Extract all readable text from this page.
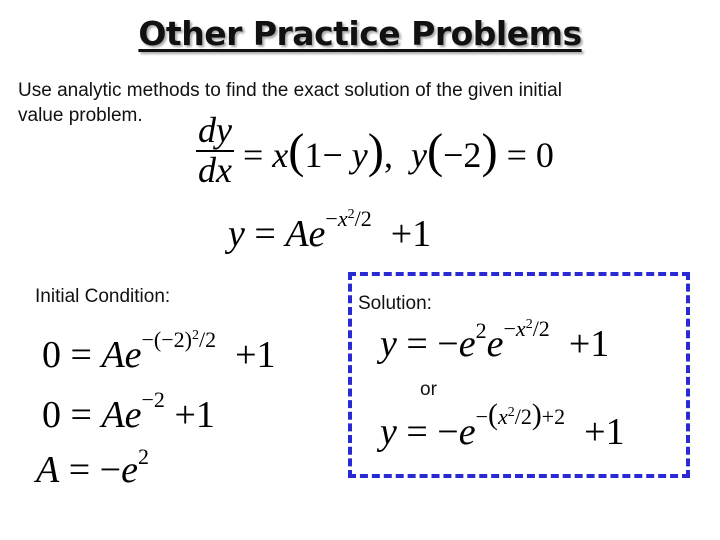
Other Practice Problems
Use analytic methods to find the exact solution of the given initial
value problem.	$\frac{dy}{dx} = x(1- y)$,  y(−2) = 0
$y = Ae^{-x^2/2} +1$
Initial Condition:
$0 = Ae^{-(-2)^2/2} +1$
$0 = Ae^{-2} +1$
$A = -e^2$
Solution:
$y = -e^2e^{-x^2/2} +1$
or
$y = -e^{-(x^2/2)+2} +1$
